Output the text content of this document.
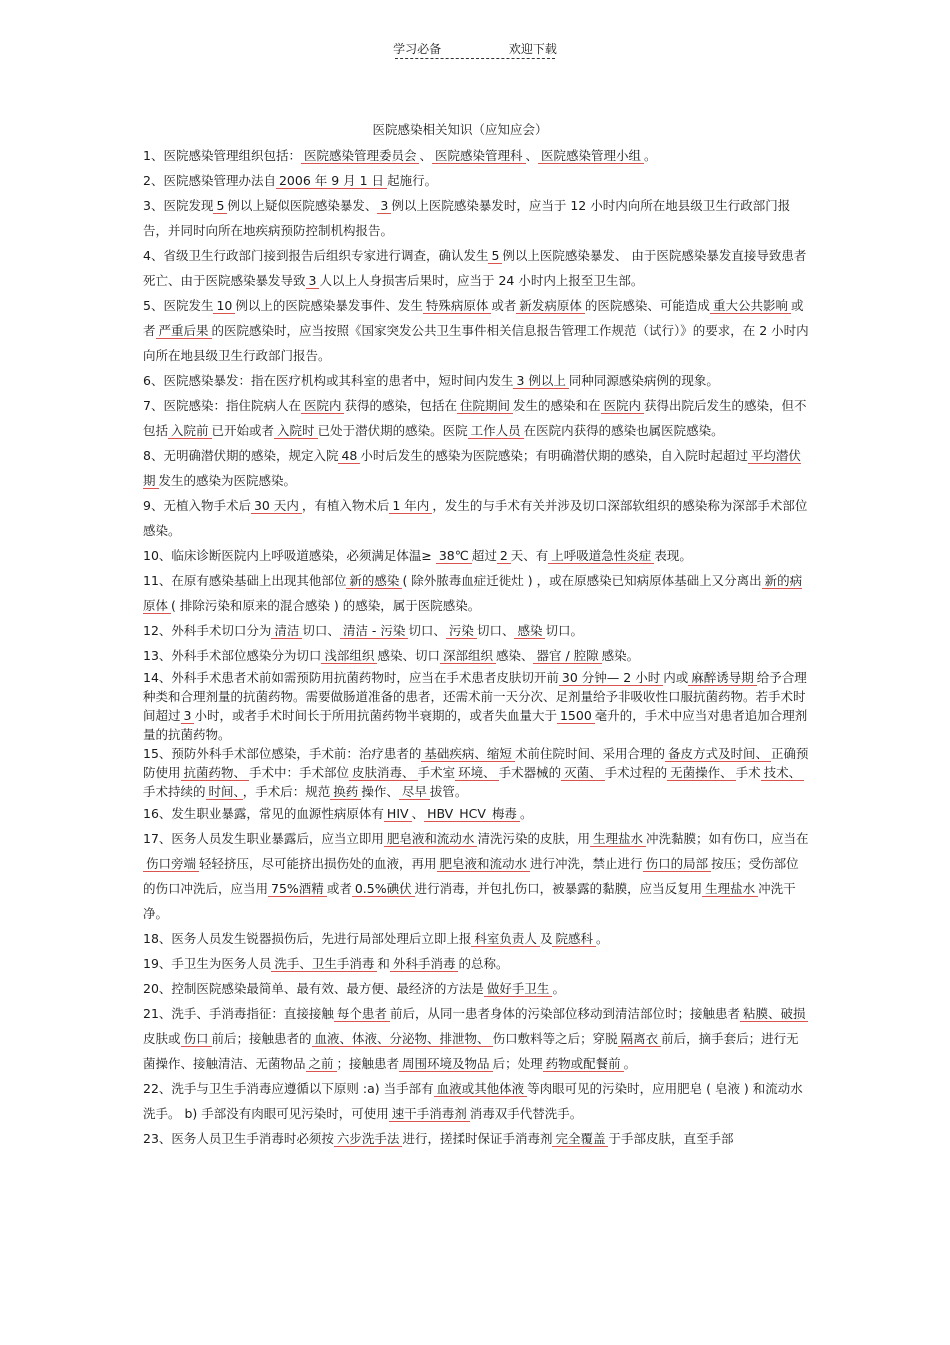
学习必备	欢迎下载
医院感染相关知识（应知应会）

1、医院感染管理组织包括： 医院感染管理委员会 、 医院感染管理科 、 医院感染管理小组 。

2、医院感染管理办法自 2006 年 9 月 1 日 起施行。

3、医院发现 5 例以上疑似医院感染暴发、 3 例以上医院感染暴发时，应当于 12 小时内向所在地县级卫生行政部门报告，并同时向所在地疾病预防控制机构报告。

4、省级卫生行政部门接到报告后组织专家进行调查，确认发生 5 例以上医院感染暴发、 由于医院感染暴发直接导致患者死亡、由于医院感染暴发导致 3 人以上人身损害后果时，应当于 24 小时内上报至卫生部。

5、医院发生 10 例以上的医院感染暴发事件、发生 特殊病原体 或者 新发病原体 的医院感染、可能造成 重大公共影响 或者 严重后果 的医院感染时，应当按照《国家突发公共卫生事件相关信息报告管理工作规范（试行）》的要求，在 2 小时内向所在地县级卫生行政部门报告。

6、医院感染暴发：指在医疗机构或其科室的患者中，短时间内发生 3 例以上 同种同源感染病例的现象。

7、医院感染：指住院病人在 医院内 获得的感染，包括在 住院期间 发生的感染和在 医院内 获得出院后发生的感染，但不包括 入院前 已开始或者 入院时 已处于潜伏期的感染。医院 工作人员 在医院内获得的感染也属医院感染。

8、无明确潜伏期的感染，规定入院 48 小时后发生的感染为医院感染；有明确潜伏期的感染，自入院时起超过 平均潜伏期 发生的感染为医院感染。

9、无植入物手术后 30 天内 ，有植入物术后 1 年内 ，发生的与手术有关并涉及切口深部软组织的感染称为深部手术部位感染。

10、临床诊断医院内上呼吸道感染，必须满足体温≥ 38℃ 超过 2 天、有 上呼吸道急性炎症 表现。

11、在原有感染基础上出现其他部位 新的感染 ( 除外脓毒血症迁徙灶 ) ，或在原感染已知病原体基础上又分离出 新的病原体 ( 排除污染和原来的混合感染 ) 的感染，属于医院感染。

12、外科手术切口分为 清洁 切口、 清洁 - 污染 切口、 污染 切口、 感染 切口。

13、外科手术部位感染分为切口 浅部组织 感染、切口 深部组织 感染、 器官 / 腔隙 感染。

14、外科手术患者术前如需预防用抗菌药物时，应当在手术患者皮肤切开前 30 分钟— 2 小时 内或 麻醉诱导期 给予合理种类和合理剂量的抗菌药物。需要做肠道准备的患者，还需术前一天分次、足剂量给予非吸收性口服抗菌药物。若手术时间超过 3 小时，或者手术时间长于所用抗菌药物半衰期的，或者失血量大于 1500 毫升的，手术中应当对患者追加合理剂量的抗菌药物。

15、预防外科手术部位感染，手术前：治疗患者的 基础疾病、缩短 术前住院时间、采用合理的 备皮方式及时间、 正确预防使用 抗菌药物、 手术中：手术部位 皮肤消毒、 手术室 环境、 手术器械的 灭菌、 手术过程的 无菌操作、 手术 技术、手术持续的 时间、 ，手术后：规范 换药 操作、 尽早 拔管。

16、发生职业暴露，常见的血源性病原体有 HIV 、 HBV HCV 梅毒 。

17、医务人员发生职业暴露后，应当立即用 肥皂液和流动水 清洗污染的皮肤，用 生理盐水 冲洗黏膜；如有伤口，应当在伤口旁端 轻轻挤压，尽可能挤出损伤处的血液，再用 肥皂液和流动水 进行冲洗，禁止进行 伤口的局部 按压；受伤部位的伤口冲洗后，应当用 75%酒精 或者 0.5%碘伏 进行消毒，并包扎伤口，被暴露的黏膜，应当反复用 生理盐水 冲洗干净。

18、医务人员发生锐器损伤后，先进行局部处理后立即上报 科室负责人 及 院感科 。

19、手卫生为医务人员 洗手、卫生手消毒 和 外科手消毒 的总称。

20、控制医院感染最简单、最有效、最方便、最经济的方法是 做好手卫生 。

21、洗手、手消毒指征：直接接触 每个患者 前后，从同一患者身体的污染部位移动到清洁部位时；接触患者 粘膜、破损皮肤或 伤口 前后；接触患者的 血液、体液、分泌物、排泄物、 伤口敷料等之后；穿脱 隔离衣 前后，摘手套后；进行无菌操作、接触清洁、无菌物品 之前 ；接触患者 周围环境及物品 后；处理 药物或配餐前 。

22、洗手与卫生手消毒应遵循以下原则 :a) 当手部有 血液或其他体液 等肉眼可见的污染时，应用肥皂 ( 皂液 ) 和流动水洗手。 b) 手部没有肉眼可见污染时，可使用 速干手消毒剂 消毒双手代替洗手。

23、医务人员卫生手消毒时必须按 六步洗手法 进行，搓揉时保证手消毒剂 完全覆盖 于手部皮肤，直至手部
